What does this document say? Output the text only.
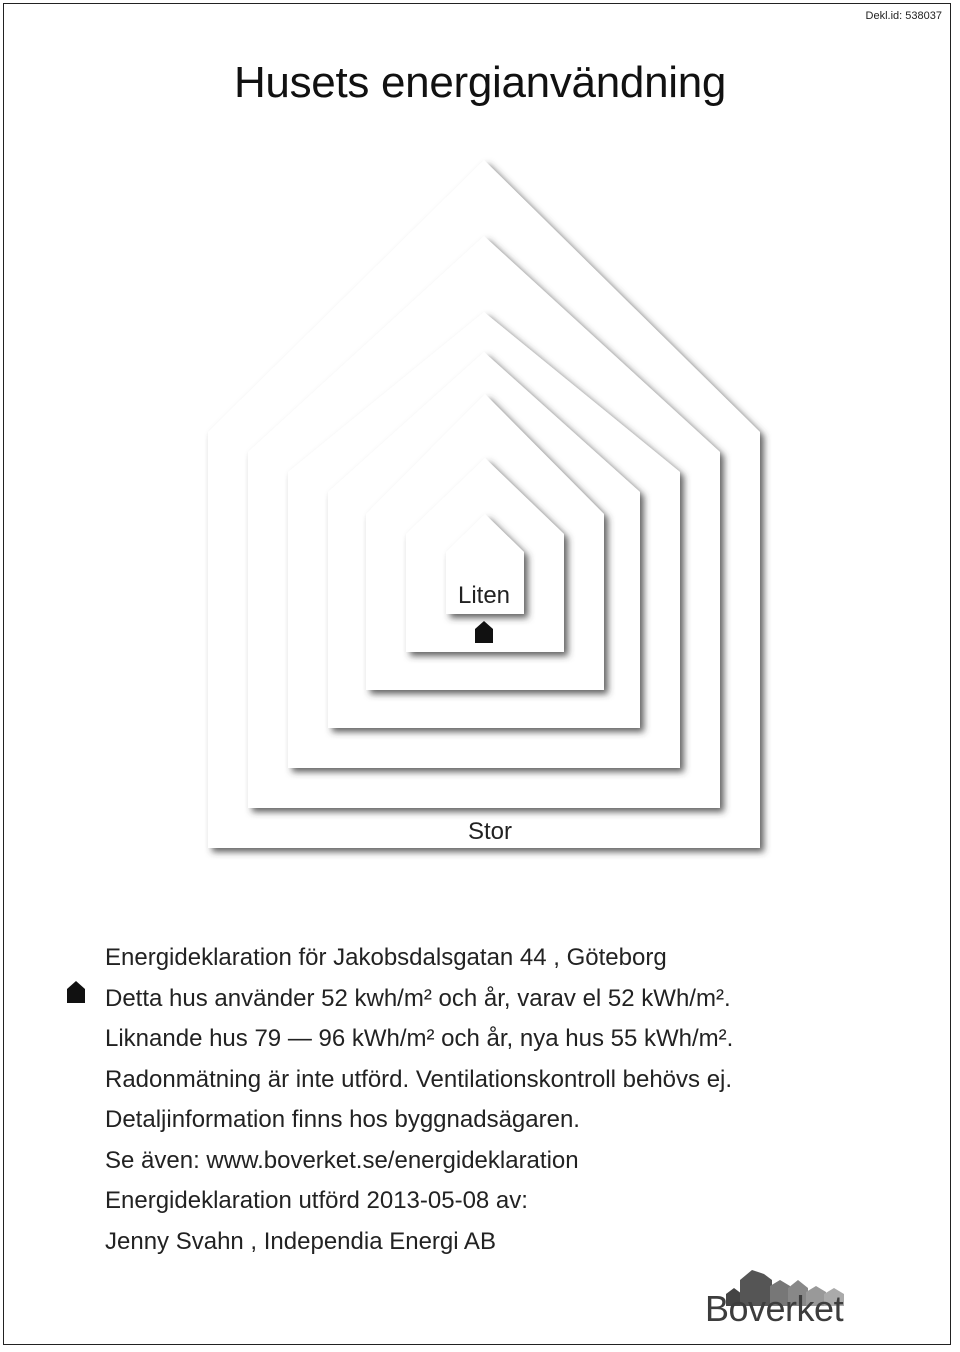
Dekl.id: 538037
Husets energianvändning
Liten
Stor
Energideklaration för Jakobsdalsgatan 44 , Göteborg
Detta hus använder 52 kwh/m² och år, varav el 52 kWh/m².
Liknande hus 79 — 96 kWh/m² och år, nya hus 55 kWh/m².
Radonmätning är inte utförd. Ventilationskontroll behövs ej.
Detaljinformation finns hos byggnadsägaren.
Se även: www.boverket.se/energideklaration
Energideklaration utförd 2013-05-08 av:
Jenny Svahn , Independia Energi AB
Boverket
